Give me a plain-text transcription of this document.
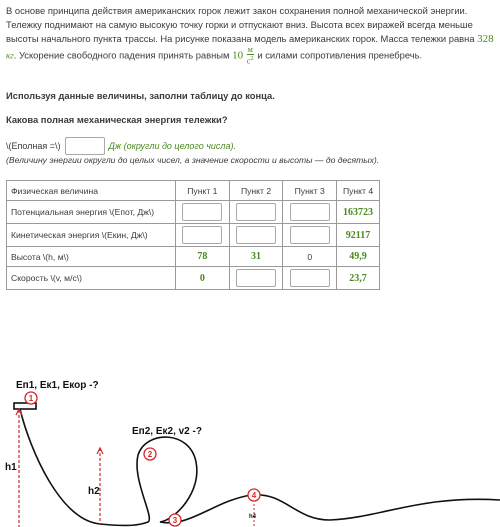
В основе принципа действия американских горок лежит закон сохранения полной механической энергии. Тележку поднимают на самую высокую точку горки и отпускают вниз. Высота всех виражей всегда меньше высоты начального пункта трассы. На рисунке показана модель американских горок. Масса тележки равна 328 кг. Ускорение свободного падения принять равным $10 \frac{м}{с^2}$ и силами сопротивления пренебречь.
Используя данные величины, заполни таблицу до конца.
Какова полная механическая энергия тележки?
\(Еполная =\)	Дж (округли до целого числа).
(Величину энергии округли до целых чисел, а значение скорости и высоты — до десятых).
Физическая величина	Пункт 1	Пункт 2	Пункт 3	Пункт 4
Потенциальная энергия \(Епот, Дж\)				163723
Кинетическая энергия \(Екин, Дж\)				92117
Высота \(h, м\)	78	31	0	49,9
Скорость \(v, м/с\)	0			23,7
h1
h2
h4
1
2
3
4
Eп1, Eк1, Eкор -?
Eп2, Eк2, v2 -?
